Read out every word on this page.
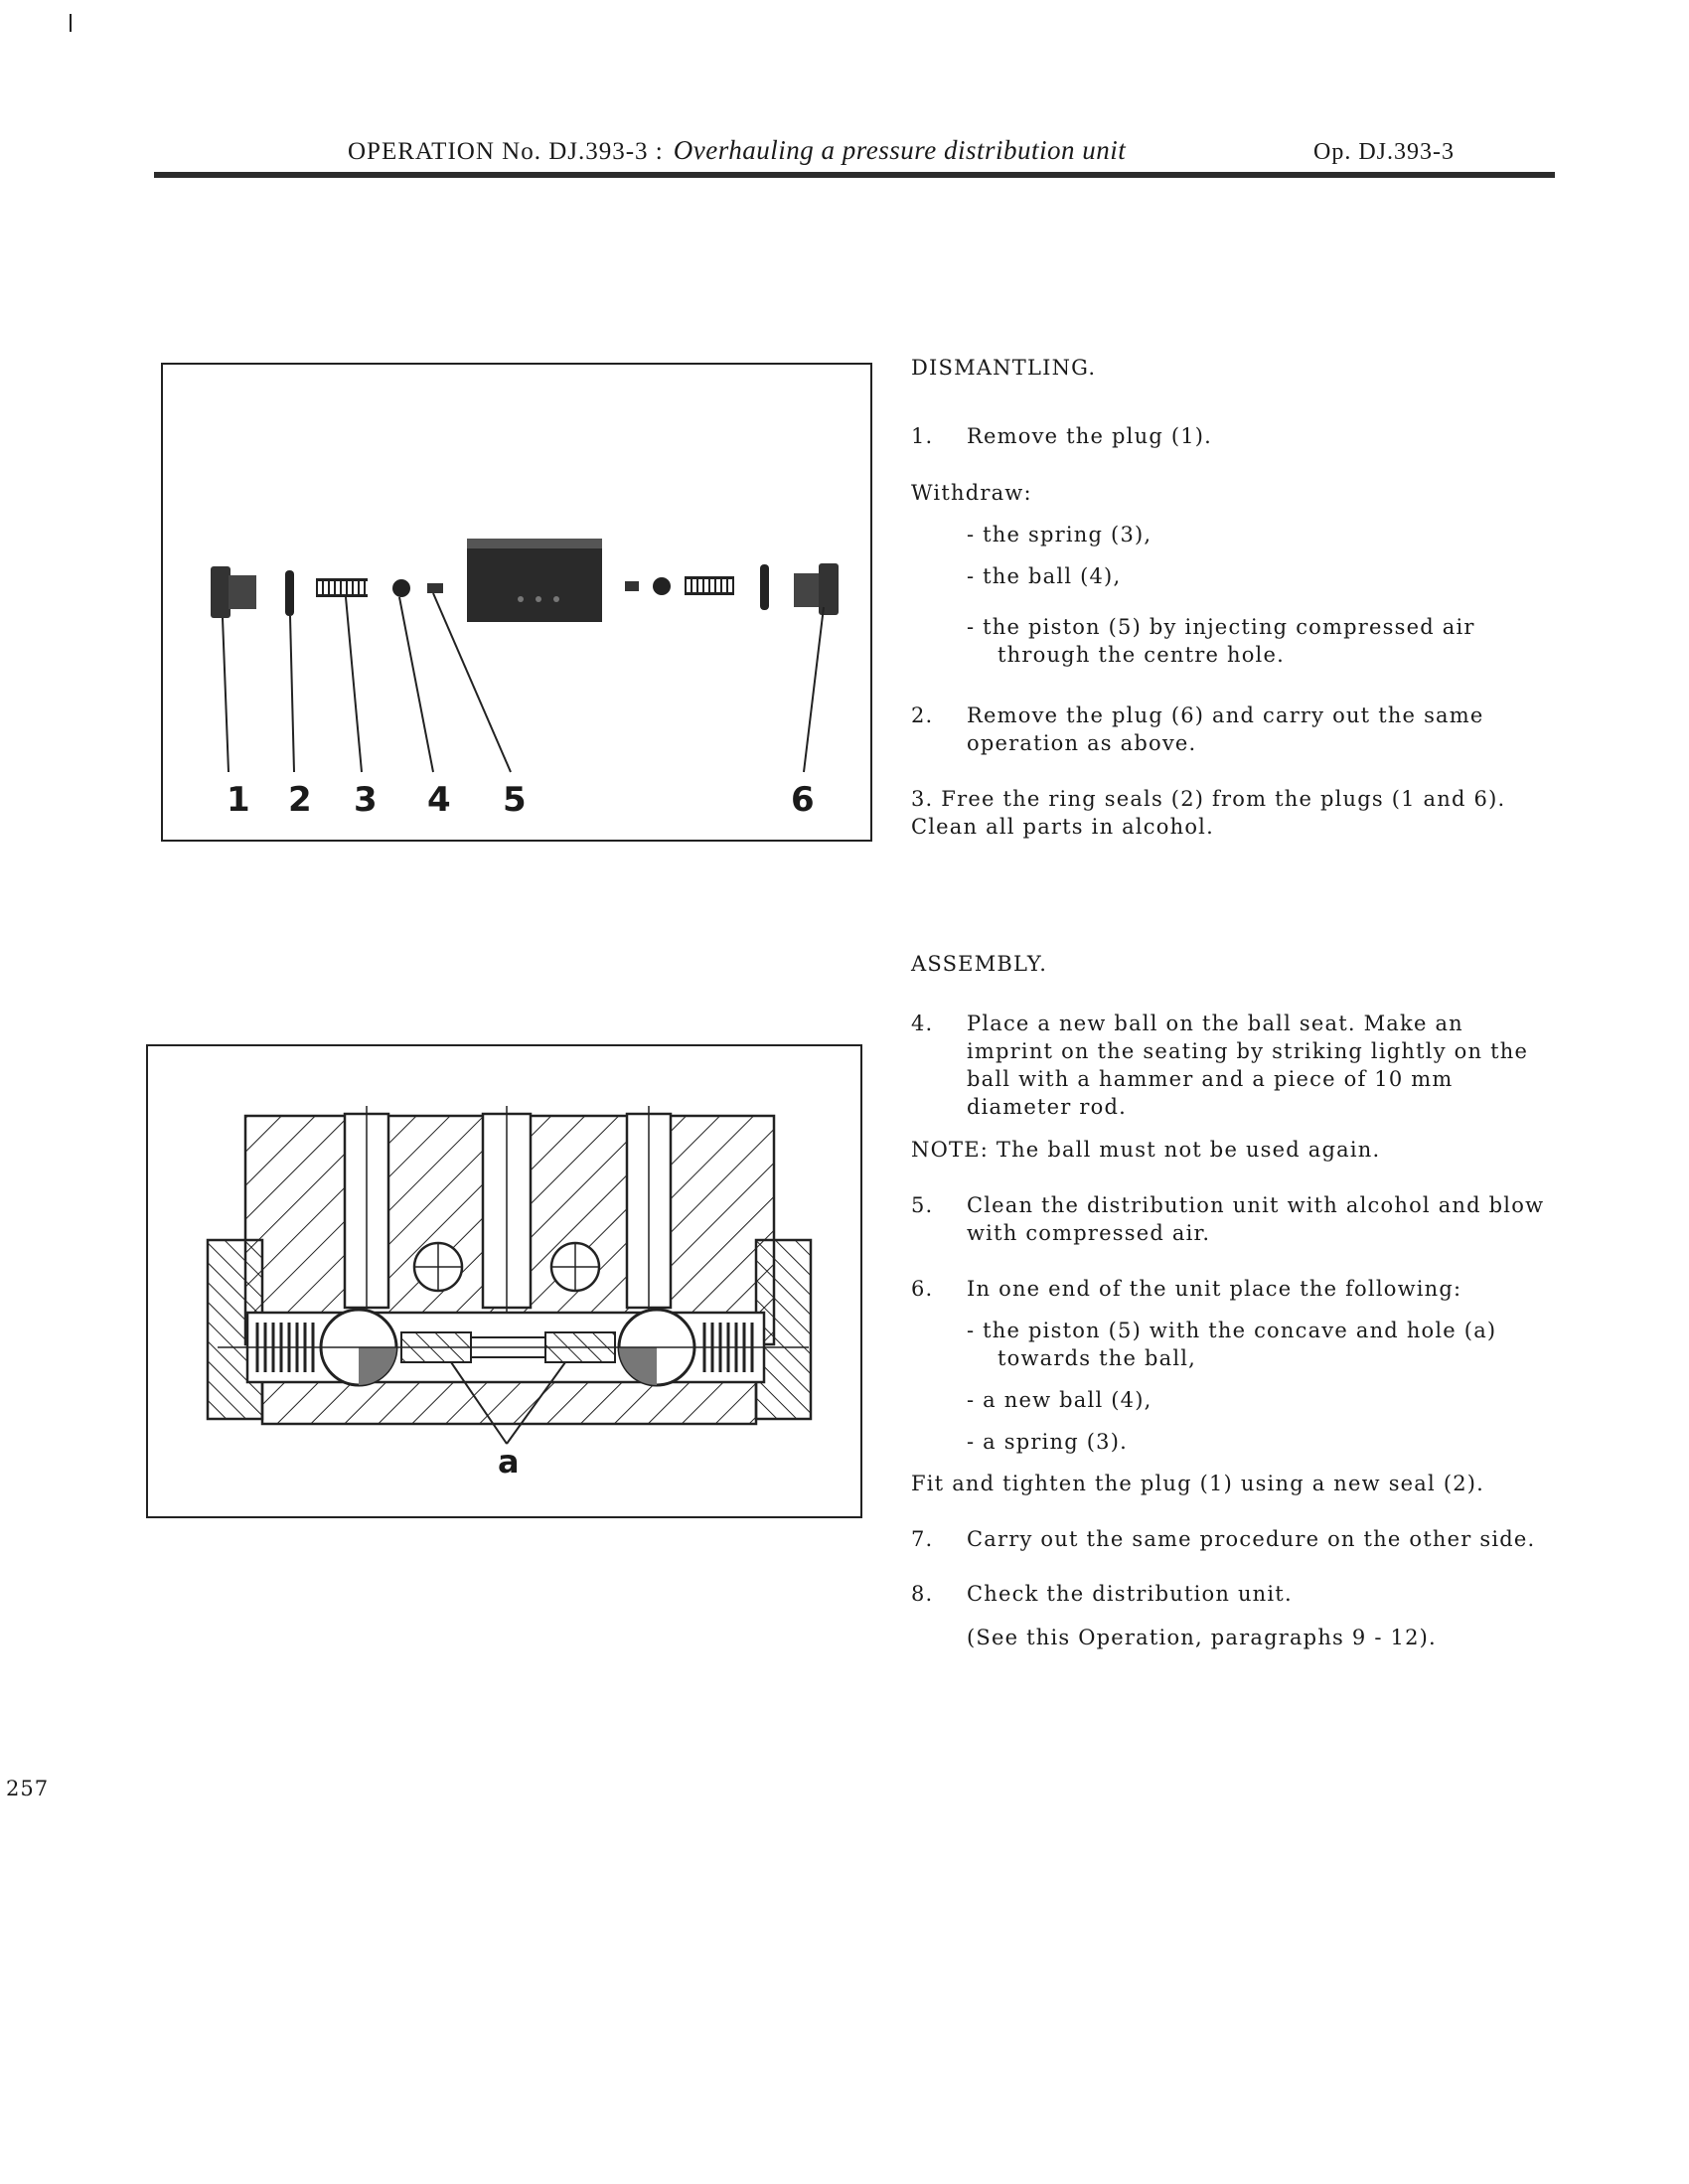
OPERATION No. DJ.393-3 : Overhauling a pressure distribution unit	Op. DJ.393-3
1 2 3 4 5	6
a
DISMANTLING.
1. Remove the plug (1).
Withdraw:
- the spring (3),
- the ball (4),
- the piston (5) by injecting compressed air
through the centre hole.
2. Remove the plug (6) and carry out the same
operation as above.
3. Free the ring seals (2) from the plugs (1 and 6).
Clean all parts in alcohol.
ASSEMBLY.
4. Place a new ball on the ball seat. Make an
imprint on the seating by striking lightly on the
ball with a hammer and a piece of 10 mm
diameter rod.
NOTE: The ball must not be used again.
5. Clean the distribution unit with alcohol and blow
with compressed air.
6. In one end of the unit place the following:
- the piston (5) with the concave and hole (a)
towards the ball,
- a new ball (4),
- a spring (3).
Fit and tighten the plug (1) using a new seal (2).
7. Carry out the same procedure on the other side.
8. Check the distribution unit.
(See this Operation, paragraphs 9 - 12).
257
